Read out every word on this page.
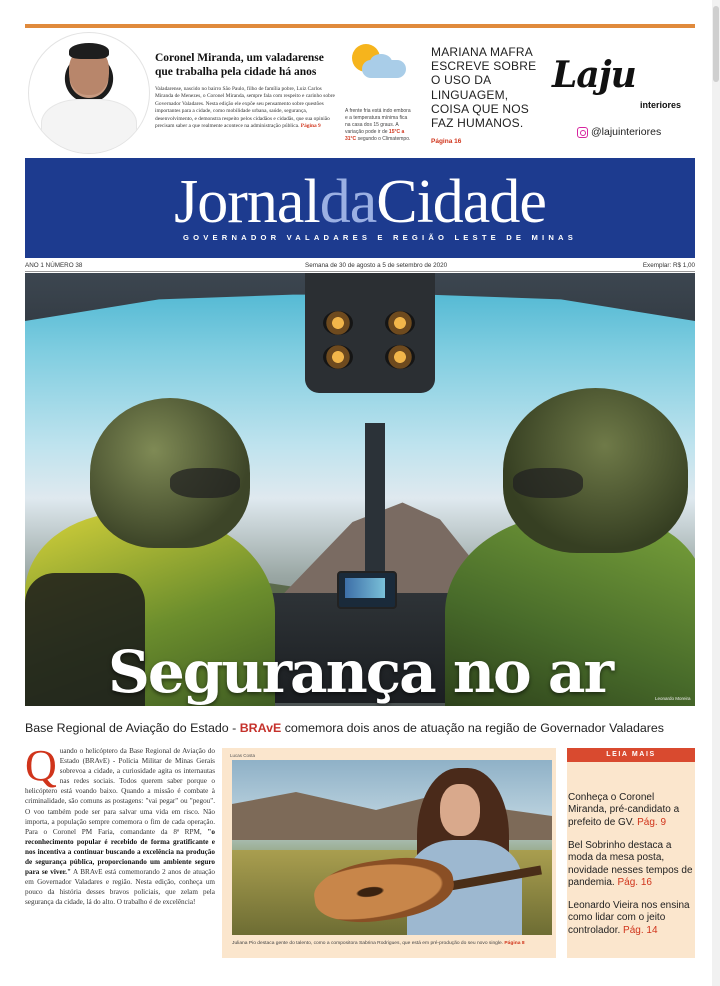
Coronel Miranda, um valadarense que trabalha pela cidade há anos
Valadarense, nascido no bairro São Paulo, filho de família pobre, Luiz Carlos Miranda de Menezes, o Coronel Miranda, sempre fala com respeito e carinho sobre Governador Valadares. Nesta edição ele expõe seu pensamento sobre questões importantes para a cidade, como mobilidade urbana, saúde, segurança, desenvolvimento, e demonstra respeito pelos cidadãos e cidadãs, que sua opinião precisam saber a que realmente acontece na administração pública. Página 9
A frente fria está indo embora e a temperatura mínima fica na casa dos 15 graus. A variação pode ir de 15°C a 31°C segundo o Climatempo.
MARIANA MAFRA ESCREVE SOBRE O USO DA LINGUAGEM, COISA QUE NOS FAZ HUMANOS.
Página 16
Laju
interiores
@lajuinteriores
JornaldaCidade
GOVERNADOR VALADARES E REGIÃO LESTE DE MINAS
ANO 1 NÚMERO 38	Semana de 30 de agosto a 5 de setembro de 2020	Exemplar: R$ 1,00
Segurança no ar	Leonardo Moreira
Base Regional de Aviação do Estado - BRAvE comemora dois anos de atuação na região de Governador Valadares
Q uando o helicóptero da Base Regional de Aviação do Estado (BRAvE) - Polícia Militar de Minas Gerais sobrevoa a cidade, a curiosidade agita os internautas nas redes sociais. Todos querem saber porque o helicóptero está voando baixo. Quando a missão é combate à criminalidade, são comuns as postagens: "vai pegar" ou "pegou". O voo também pode ser para salvar uma vida em risco. Não importa, a população sempre comemora o fim de cada operação. Para o Coronel PM Faria, comandante da 8ª RPM, "o reconhecimento popular é recebido de forma gratificante e nos incentiva a continuar buscando a excelência na produção de segurança pública, proporcionando um ambiente seguro para se viver." A BRAvE está comemorando 2 anos de atuação em Governador Valadares e região. Nesta edição, conheça um pouco da história desses bravos policiais, que zelam pela segurança da cidade, lá do alto. O trabalho é de excelência!
Lucas Costa
Juliana Pio destaca gente do talento, como a compositora Sabrina Rodrigues, que está em pré-produção do seu novo single. Página 8
LEIA MAIS
Conheça o Coronel Miranda, pré-candidato a prefeito de GV. Pág. 9
Bel Sobrinho destaca a moda da mesa posta, novidade nesses tempos de pandemia. Pág. 16
Leonardo Vieira nos ensina como lidar com o jeito controlador. Pág. 14
